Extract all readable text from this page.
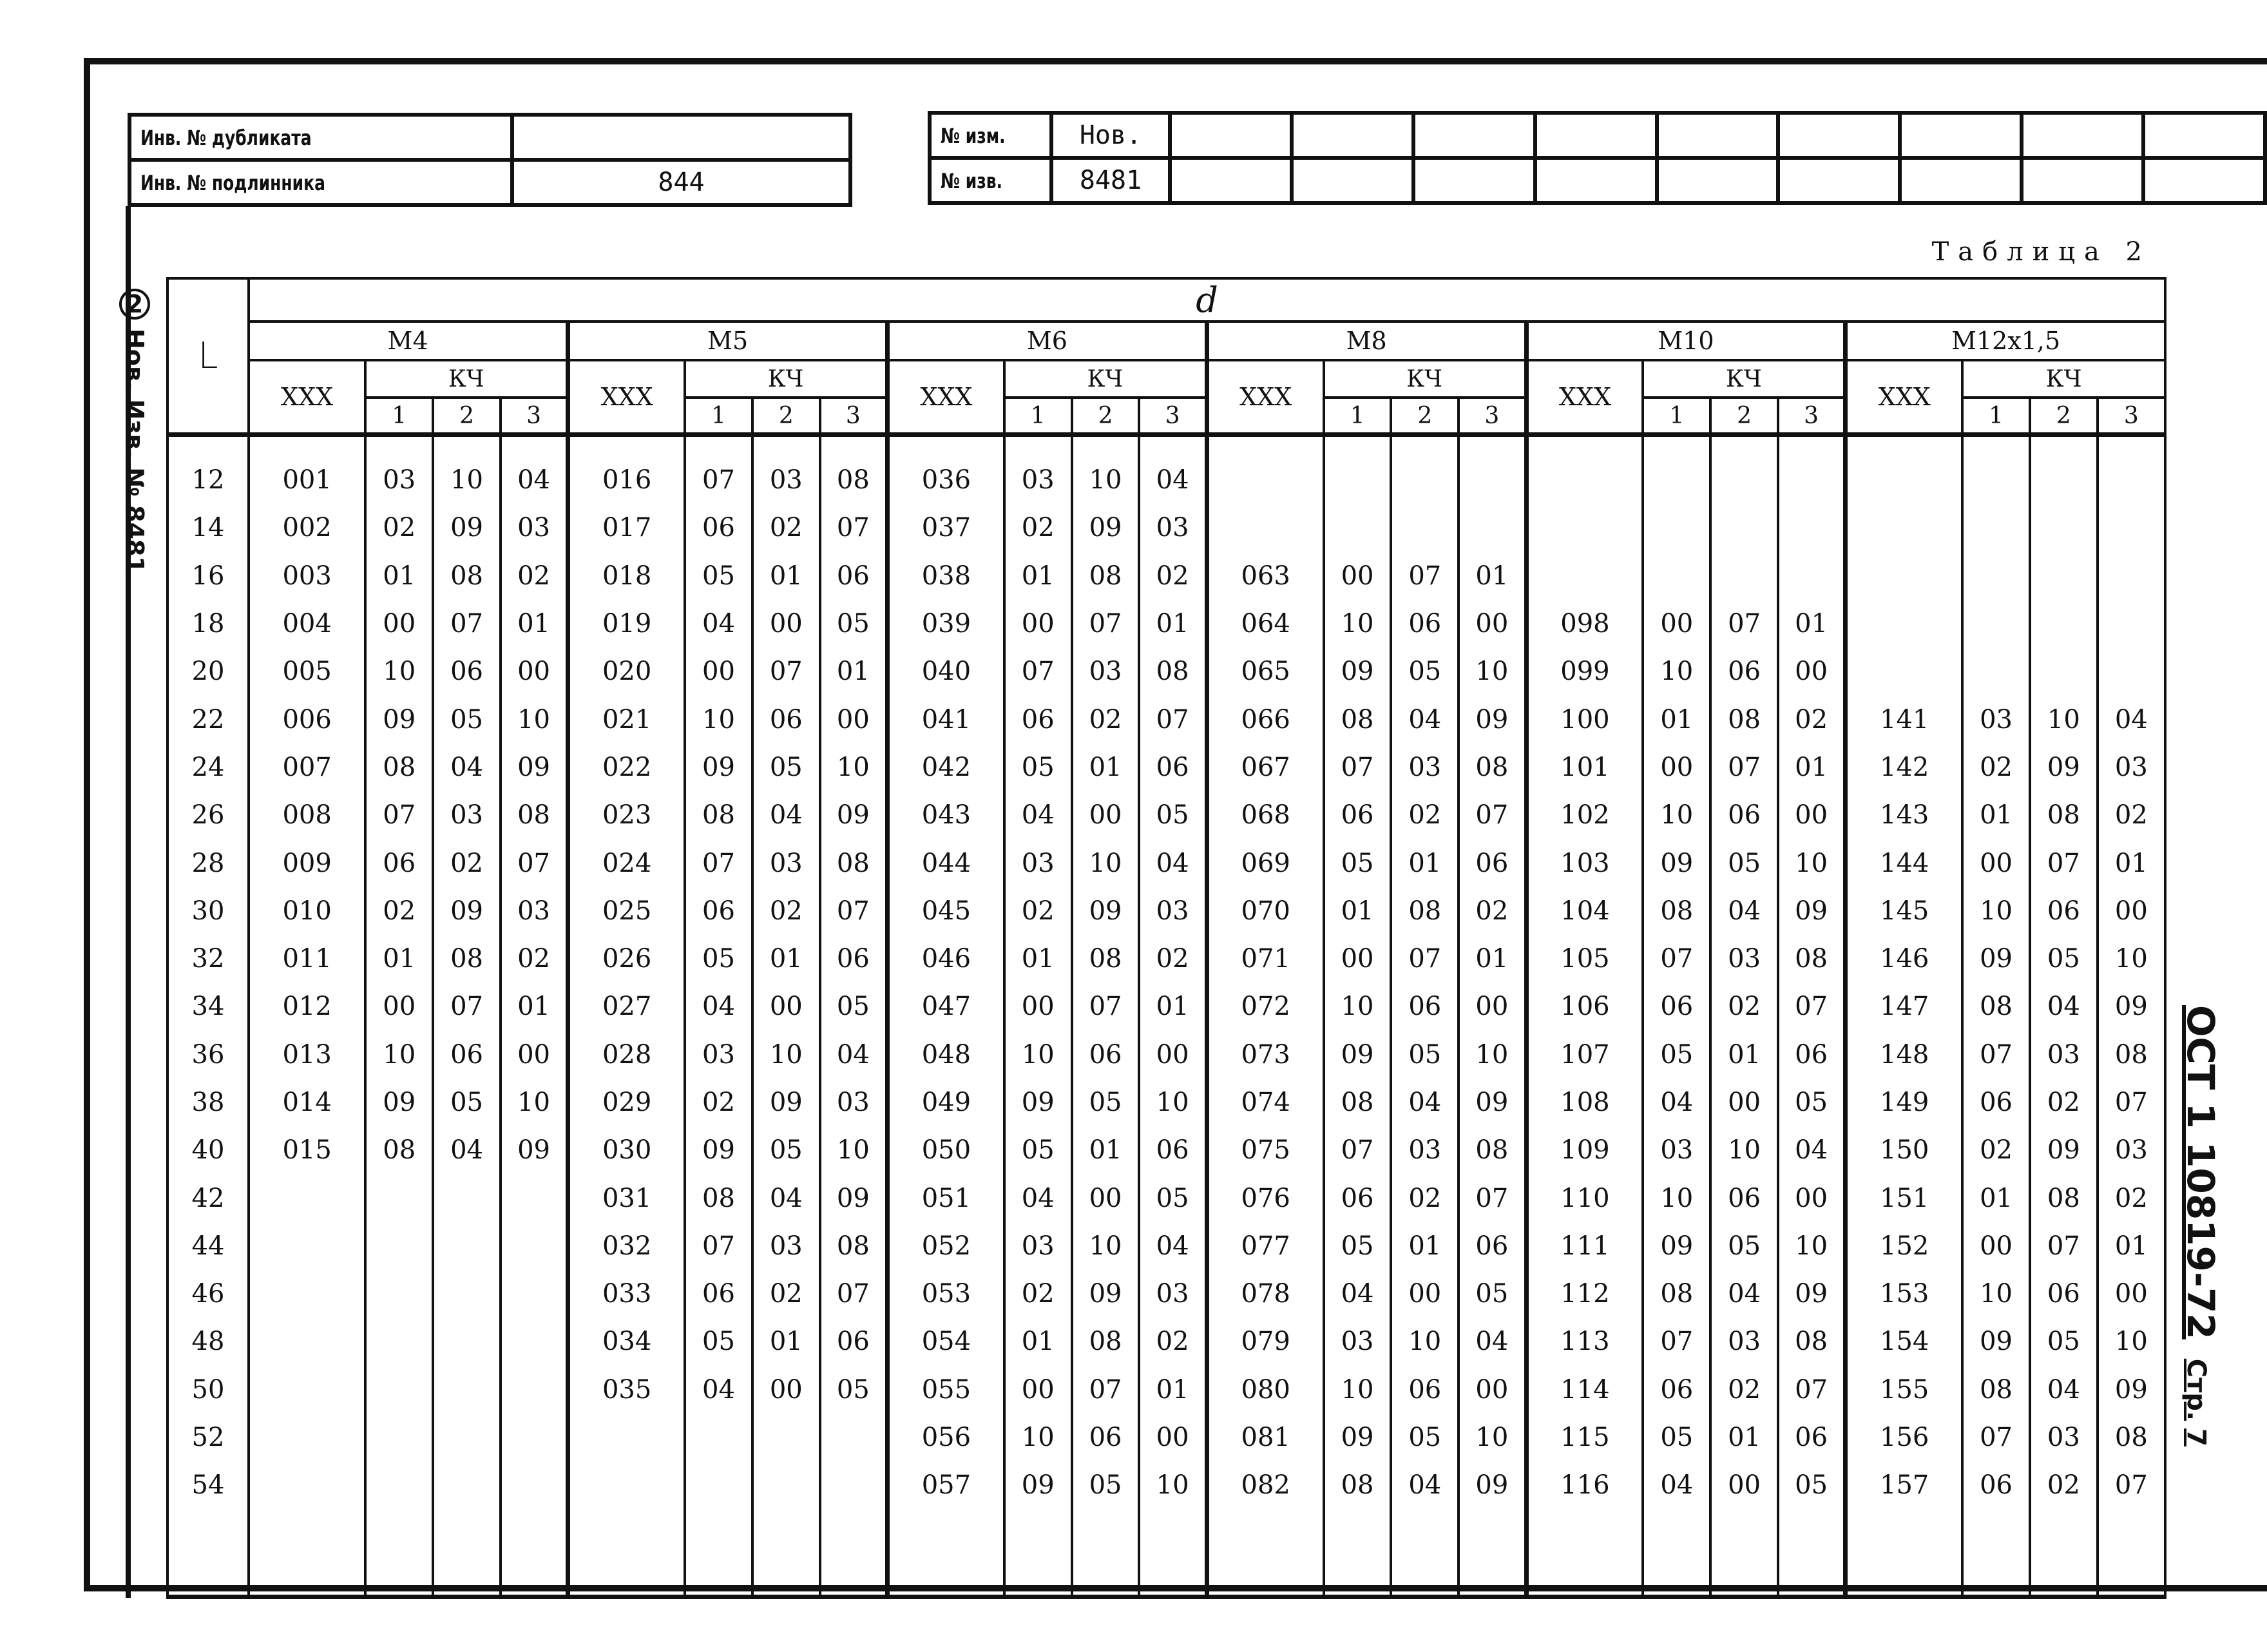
Инв. № дубликата	
Инв. № подлинника	844
№ изм.	Нов.									
№ изв.	8481									
Таблица 2
2Нов. Изв. № 8481
ОСТ 1 10819-72Стр.7
L	d																							
	М4				М5				М6				М8				М10				М12х1,5			
	ХХХ	КЧ			ХХХ	КЧ			ХХХ	КЧ			ХХХ	КЧ			ХХХ	КЧ			ХХХ	КЧ		
		1	2	3		1	2	3		1	2	3		1	2	3		1	2	3		1	2	3

12	001	03	10	04	016	07	03	08	036	03	10	04												
14	002	02	09	03	017	06	02	07	037	02	09	03												
16	003	01	08	02	018	05	01	06	038	01	08	02	063	00	07	01								
18	004	00	07	01	019	04	00	05	039	00	07	01	064	10	06	00	098	00	07	01				
20	005	10	06	00	020	00	07	01	040	07	03	08	065	09	05	10	099	10	06	00				
22	006	09	05	10	021	10	06	00	041	06	02	07	066	08	04	09	100	01	08	02	141	03	10	04
24	007	08	04	09	022	09	05	10	042	05	01	06	067	07	03	08	101	00	07	01	142	02	09	03
26	008	07	03	08	023	08	04	09	043	04	00	05	068	06	02	07	102	10	06	00	143	01	08	02
28	009	06	02	07	024	07	03	08	044	03	10	04	069	05	01	06	103	09	05	10	144	00	07	01
30	010	02	09	03	025	06	02	07	045	02	09	03	070	01	08	02	104	08	04	09	145	10	06	00
32	011	01	08	02	026	05	01	06	046	01	08	02	071	00	07	01	105	07	03	08	146	09	05	10
34	012	00	07	01	027	04	00	05	047	00	07	01	072	10	06	00	106	06	02	07	147	08	04	09
36	013	10	06	00	028	03	10	04	048	10	06	00	073	09	05	10	107	05	01	06	148	07	03	08
38	014	09	05	10	029	02	09	03	049	09	05	10	074	08	04	09	108	04	00	05	149	06	02	07
40	015	08	04	09	030	09	05	10	050	05	01	06	075	07	03	08	109	03	10	04	150	02	09	03
42					031	08	04	09	051	04	00	05	076	06	02	07	110	10	06	00	151	01	08	02
44					032	07	03	08	052	03	10	04	077	05	01	06	111	09	05	10	152	00	07	01
46					033	06	02	07	053	02	09	03	078	04	00	05	112	08	04	09	153	10	06	00
48					034	05	01	06	054	01	08	02	079	03	10	04	113	07	03	08	154	09	05	10
50					035	04	00	05	055	00	07	01	080	10	06	00	114	06	02	07	155	08	04	09
52									056	10	06	00	081	09	05	10	115	05	01	06	156	07	03	08
54									057	09	05	10	082	08	04	09	116	04	00	05	157	06	02	07
